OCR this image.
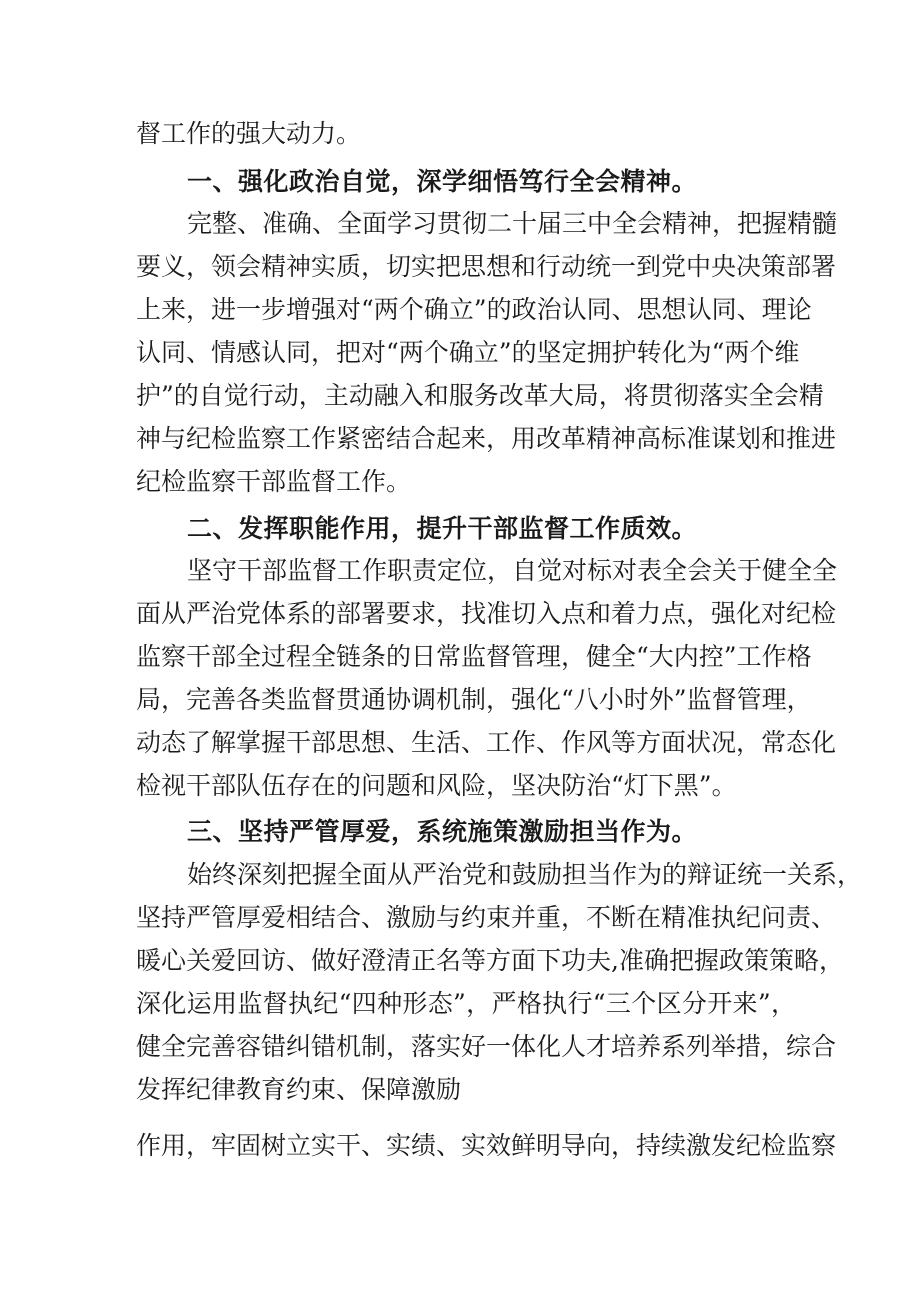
督工作的强大动力。
一、强化政治自觉，深学细悟笃行全会精神。
完整、准确、全面学习贯彻二十届三中全会精神，把握精髓
要义，领会精神实质，切实把思想和行动统一到党中央决策部署
上来，进一步增强对“两个确立”的政治认同、思想认同、理论
认同、情感认同，把对“两个确立”的坚定拥护转化为“两个维
护”的自觉行动，主动融入和服务改革大局，将贯彻落实全会精
神与纪检监察工作紧密结合起来，用改革精神高标准谋划和推进
纪检监察干部监督工作。
二、发挥职能作用，提升干部监督工作质效。
坚守干部监督工作职责定位，自觉对标对表全会关于健全全
面从严治党体系的部署要求，找准切入点和着力点，强化对纪检
监察干部全过程全链条的日常监督管理，健全“大内控”工作格
局，完善各类监督贯通协调机制，强化“八小时外”监督管理，
动态了解掌握干部思想、生活、工作、作风等方面状况，常态化
检视干部队伍存在的问题和风险，坚决防治“灯下黑”。
三、坚持严管厚爱，系统施策激励担当作为。
始终深刻把握全面从严治党和鼓励担当作为的辩证统一关系，
坚持严管厚爱相结合、激励与约束并重，不断在精准执纪问责、
暖心关爱回访、做好澄清正名等方面下功夫,准确把握政策策略，
深化运用监督执纪“四种形态”，严格执行“三个区分开来”，
健全完善容错纠错机制，落实好一体化人才培养系列举措，综合
发挥纪律教育约束、保障激励
作用，牢固树立实干、实绩、实效鲜明导向，持续激发纪检监察
